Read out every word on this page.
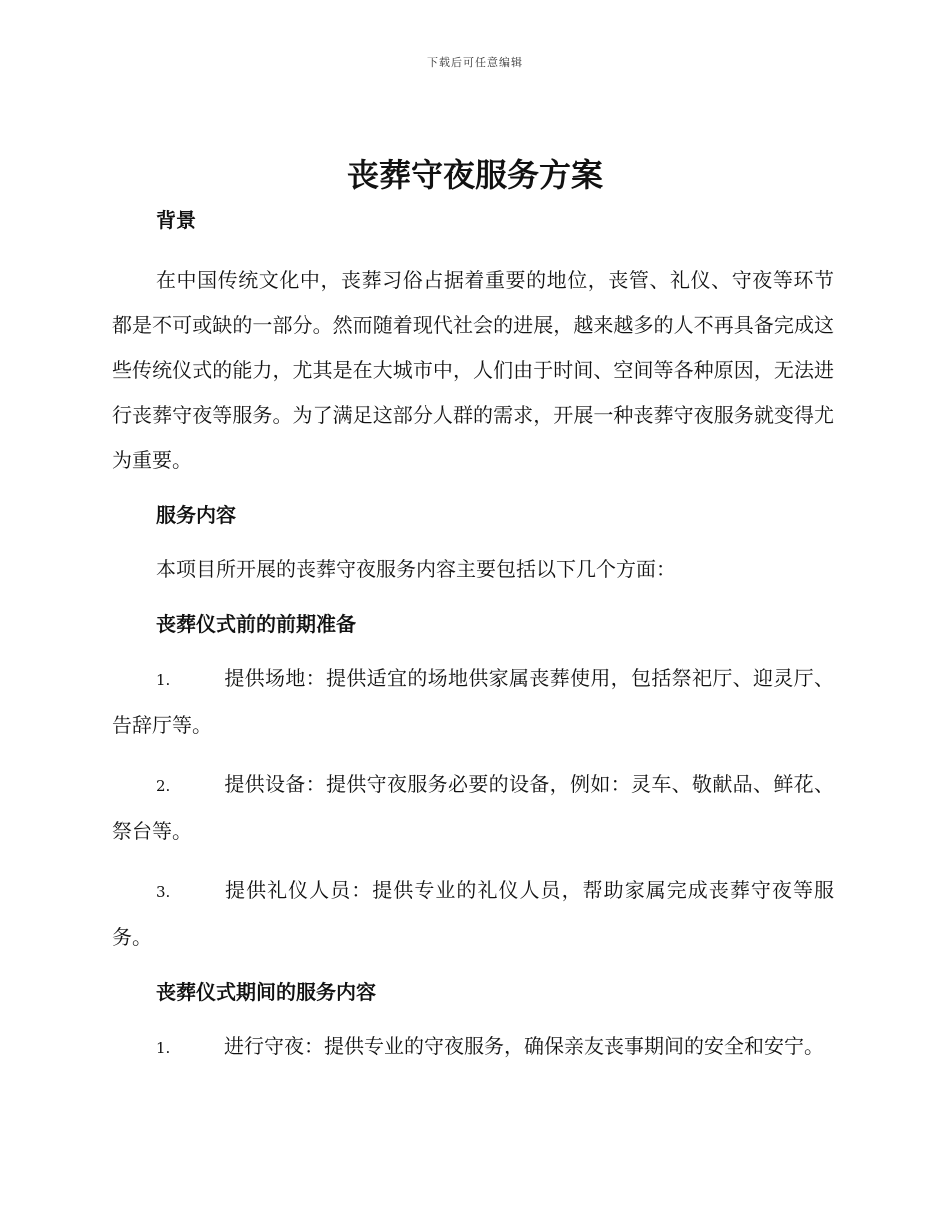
下载后可任意编辑
丧葬守夜服务方案
背景

在中国传统文化中，丧葬习俗占据着重要的地位，丧管、礼仪、守夜等环节都是不可或缺的一部分。然而随着现代社会的进展，越来越多的人不再具备完成这些传统仪式的能力，尤其是在大城市中，人们由于时间、空间等各种原因，无法进行丧葬守夜等服务。为了满足这部分人群的需求，开展一种丧葬守夜服务就变得尤为重要。

服务内容

本项目所开展的丧葬守夜服务内容主要包括以下几个方面：

丧葬仪式前的前期准备

1.	提供场地：提供适宜的场地供家属丧葬使用，包括祭祀厅、迎灵厅、告辞厅等。

2.	提供设备：提供守夜服务必要的设备，例如：灵车、敬献品、鲜花、祭台等。

3.	提供礼仪人员：提供专业的礼仪人员，帮助家属完成丧葬守夜等服务。

丧葬仪式期间的服务内容

1.	进行守夜：提供专业的守夜服务，确保亲友丧事期间的安全和安宁。
